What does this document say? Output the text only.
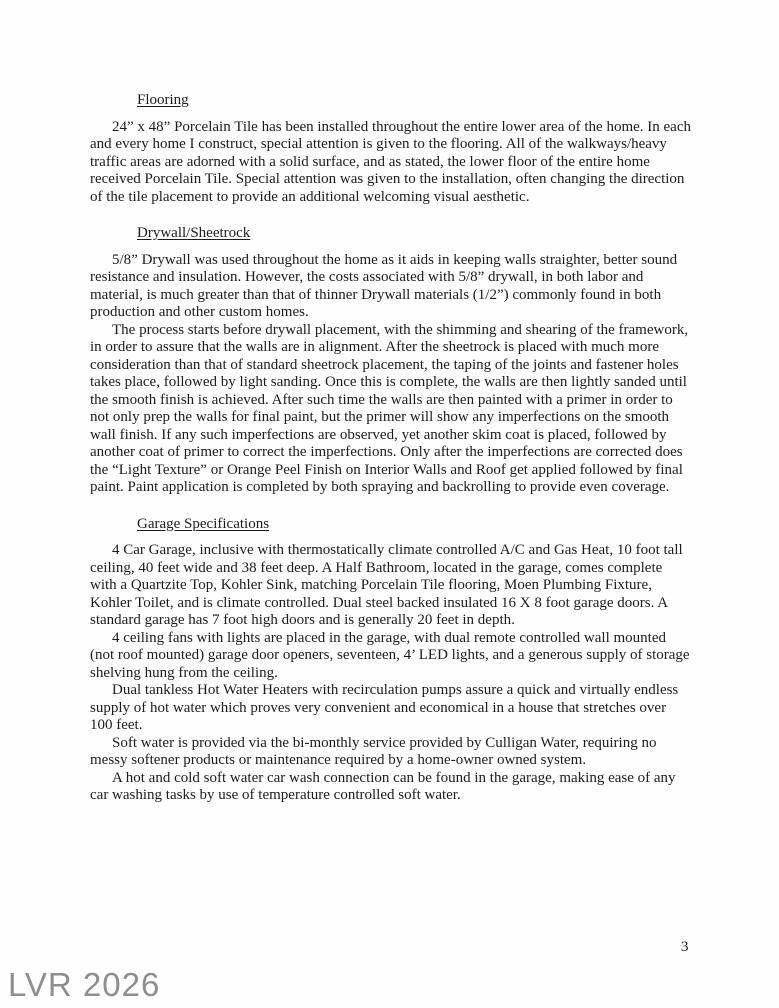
Flooring

24” x 48” Porcelain Tile has been installed throughout the entire lower area of the home. In each and every home I construct, special attention is given to the flooring. All of the walkways/heavy traffic areas are adorned with a solid surface, and as stated, the lower floor of the entire home received Porcelain Tile. Special attention was given to the installation, often changing the direction of the tile placement to provide an additional welcoming visual aesthetic.

Drywall/Sheetrock

5/8” Drywall was used throughout the home as it aids in keeping walls straighter, better sound resistance and insulation. However, the costs associated with 5/8” drywall, in both labor and material, is much greater than that of thinner Drywall materials (1/2”) commonly found in both production and other custom homes.

The process starts before drywall placement, with the shimming and shearing of the framework, in order to assure that the walls are in alignment. After the sheetrock is placed with much more consideration than that of standard sheetrock placement, the taping of the joints and fastener holes takes place, followed by light sanding. Once this is complete, the walls are then lightly sanded until the smooth finish is achieved. After such time the walls are then painted with a primer in order to not only prep the walls for final paint, but the primer will show any imperfections on the smooth wall finish. If any such imperfections are observed, yet another skim coat is placed, followed by another coat of primer to correct the imperfections. Only after the imperfections are corrected does the “Light Texture” or Orange Peel Finish on Interior Walls and Roof get applied followed by final paint. Paint application is completed by both spraying and backrolling to provide even coverage.

Garage Specifications

4 Car Garage, inclusive with thermostatically climate controlled A/C and Gas Heat, 10 foot tall ceiling, 40 feet wide and 38 feet deep. A Half Bathroom, located in the garage, comes complete with a Quartzite Top, Kohler Sink, matching Porcelain Tile flooring, Moen Plumbing Fixture, Kohler Toilet, and is climate controlled. Dual steel backed insulated 16 X 8 foot garage doors. A standard garage has 7 foot high doors and is generally 20 feet in depth.

4 ceiling fans with lights are placed in the garage, with dual remote controlled wall mounted (not roof mounted) garage door openers, seventeen, 4’ LED lights, and a generous supply of storage shelving hung from the ceiling.

Dual tankless Hot Water Heaters with recirculation pumps assure a quick and virtually endless supply of hot water which proves very convenient and economical in a house that stretches over 100 feet.

Soft water is provided via the bi-monthly service provided by Culligan Water, requiring no messy softener products or maintenance required by a home-owner owned system.

A hot and cold soft water car wash connection can be found in the garage, making ease of any car washing tasks by use of temperature controlled soft water.

3
LVR 2026
